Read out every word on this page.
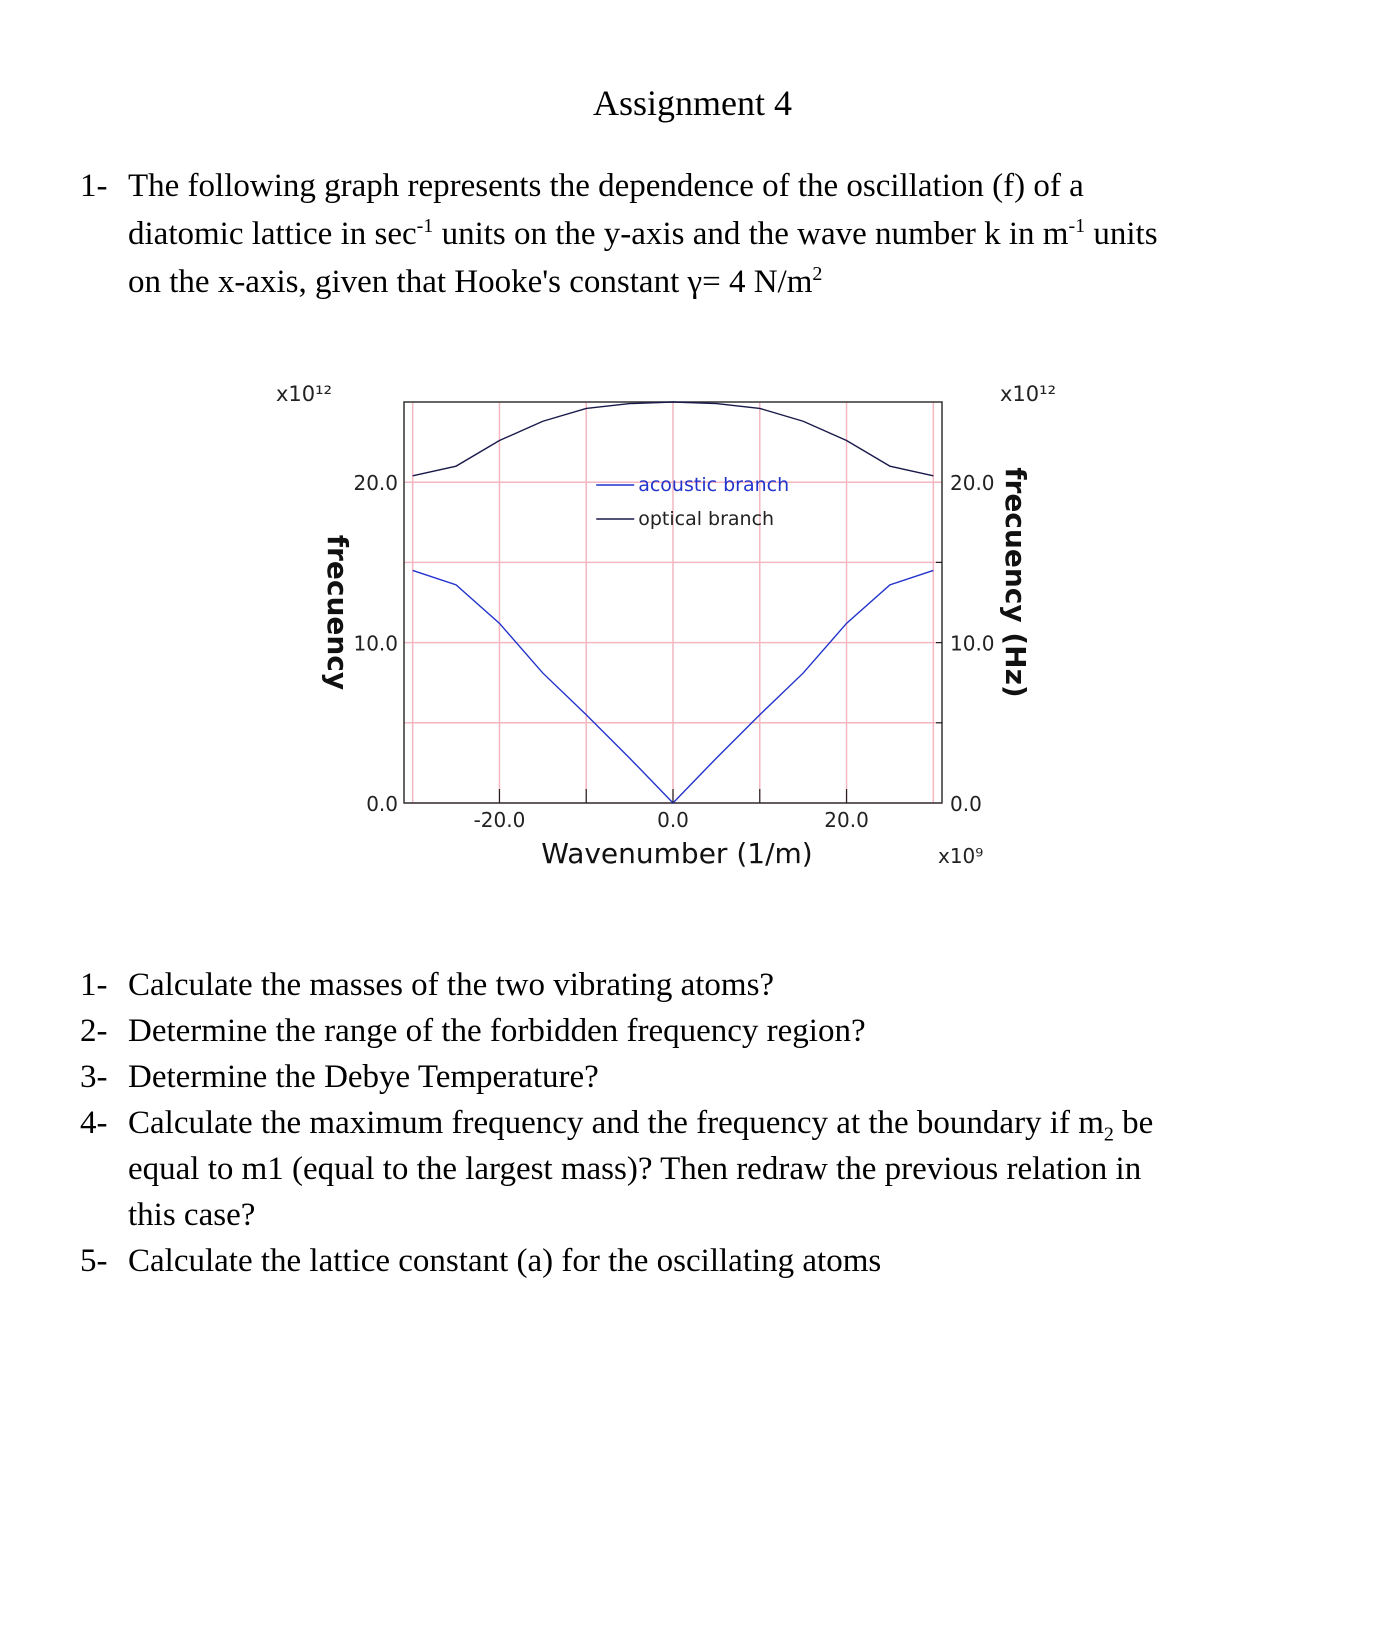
Assignment 4
1- The following graph represents the dependence of the oscillation (f) of a
diatomic lattice in $\sec^{-1}$ units on the y-axis and the wave number k in $m^{-1}$ units
on the x-axis, given that Hooke's constant γ= 4 $N/m^2$
-20.0	0.0	20.0
0.0	0.0
10.0	10.0
20.0	20.0
Wavenumber (1/m)
frecuency	frecuency (Hz)
x10¹²	x10¹²
x10⁹
acoustic branch
optical branch
1- Calculate the masses of the two vibrating atoms?
2- Determine the range of the forbidden frequency region?
3- Determine the Debye Temperature?
4- Calculate the maximum frequency and the frequency at the boundary if $m_2$ be
equal to m1 (equal to the largest mass)? Then redraw the previous relation in
this case?
5- Calculate the lattice constant (a) for the oscillating atoms
